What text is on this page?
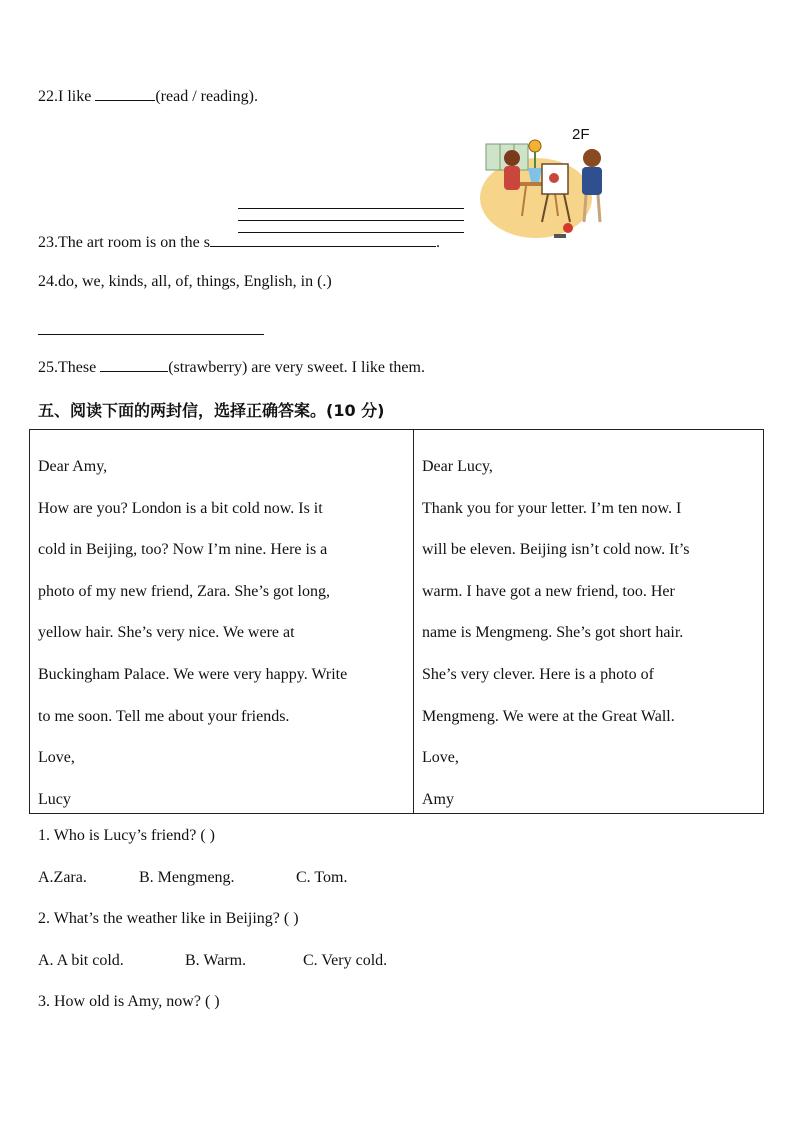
22.I like	(read / reading).
2F
23.The art room is on the s	.
24.do, we, kinds, all, of, things, English, in (.)
25.These	(strawberry) are very sweet. I like them.
五、阅读下面的两封信，选择正确答案。(10 分)
Dear Amy,
How are you? London is a bit cold now. Is it
cold in Beijing, too? Now I’m nine. Here is a
photo of my new friend, Zara. She’s got long,
yellow hair. She’s very nice. We were at
Buckingham Palace. We were very happy. Write
to me soon. Tell me about your friends.
Love,
Lucy
Dear Lucy,
Thank you for your letter. I’m ten now. I
will be eleven. Beijing isn’t cold now. It’s
warm. I have got a new friend, too. Her
name is Mengmeng. She’s got short hair.
She’s very clever. Here is a photo of
Mengmeng. We were at the Great Wall.
Love,
Amy
1. Who is Lucy’s friend? ( )
A.Zara.	B. Mengmeng.	C. Tom.
2. What’s the weather like in Beijing? ( )
A. A bit cold.	B. Warm.	C. Very cold.
3. How old is Amy, now? ( )
